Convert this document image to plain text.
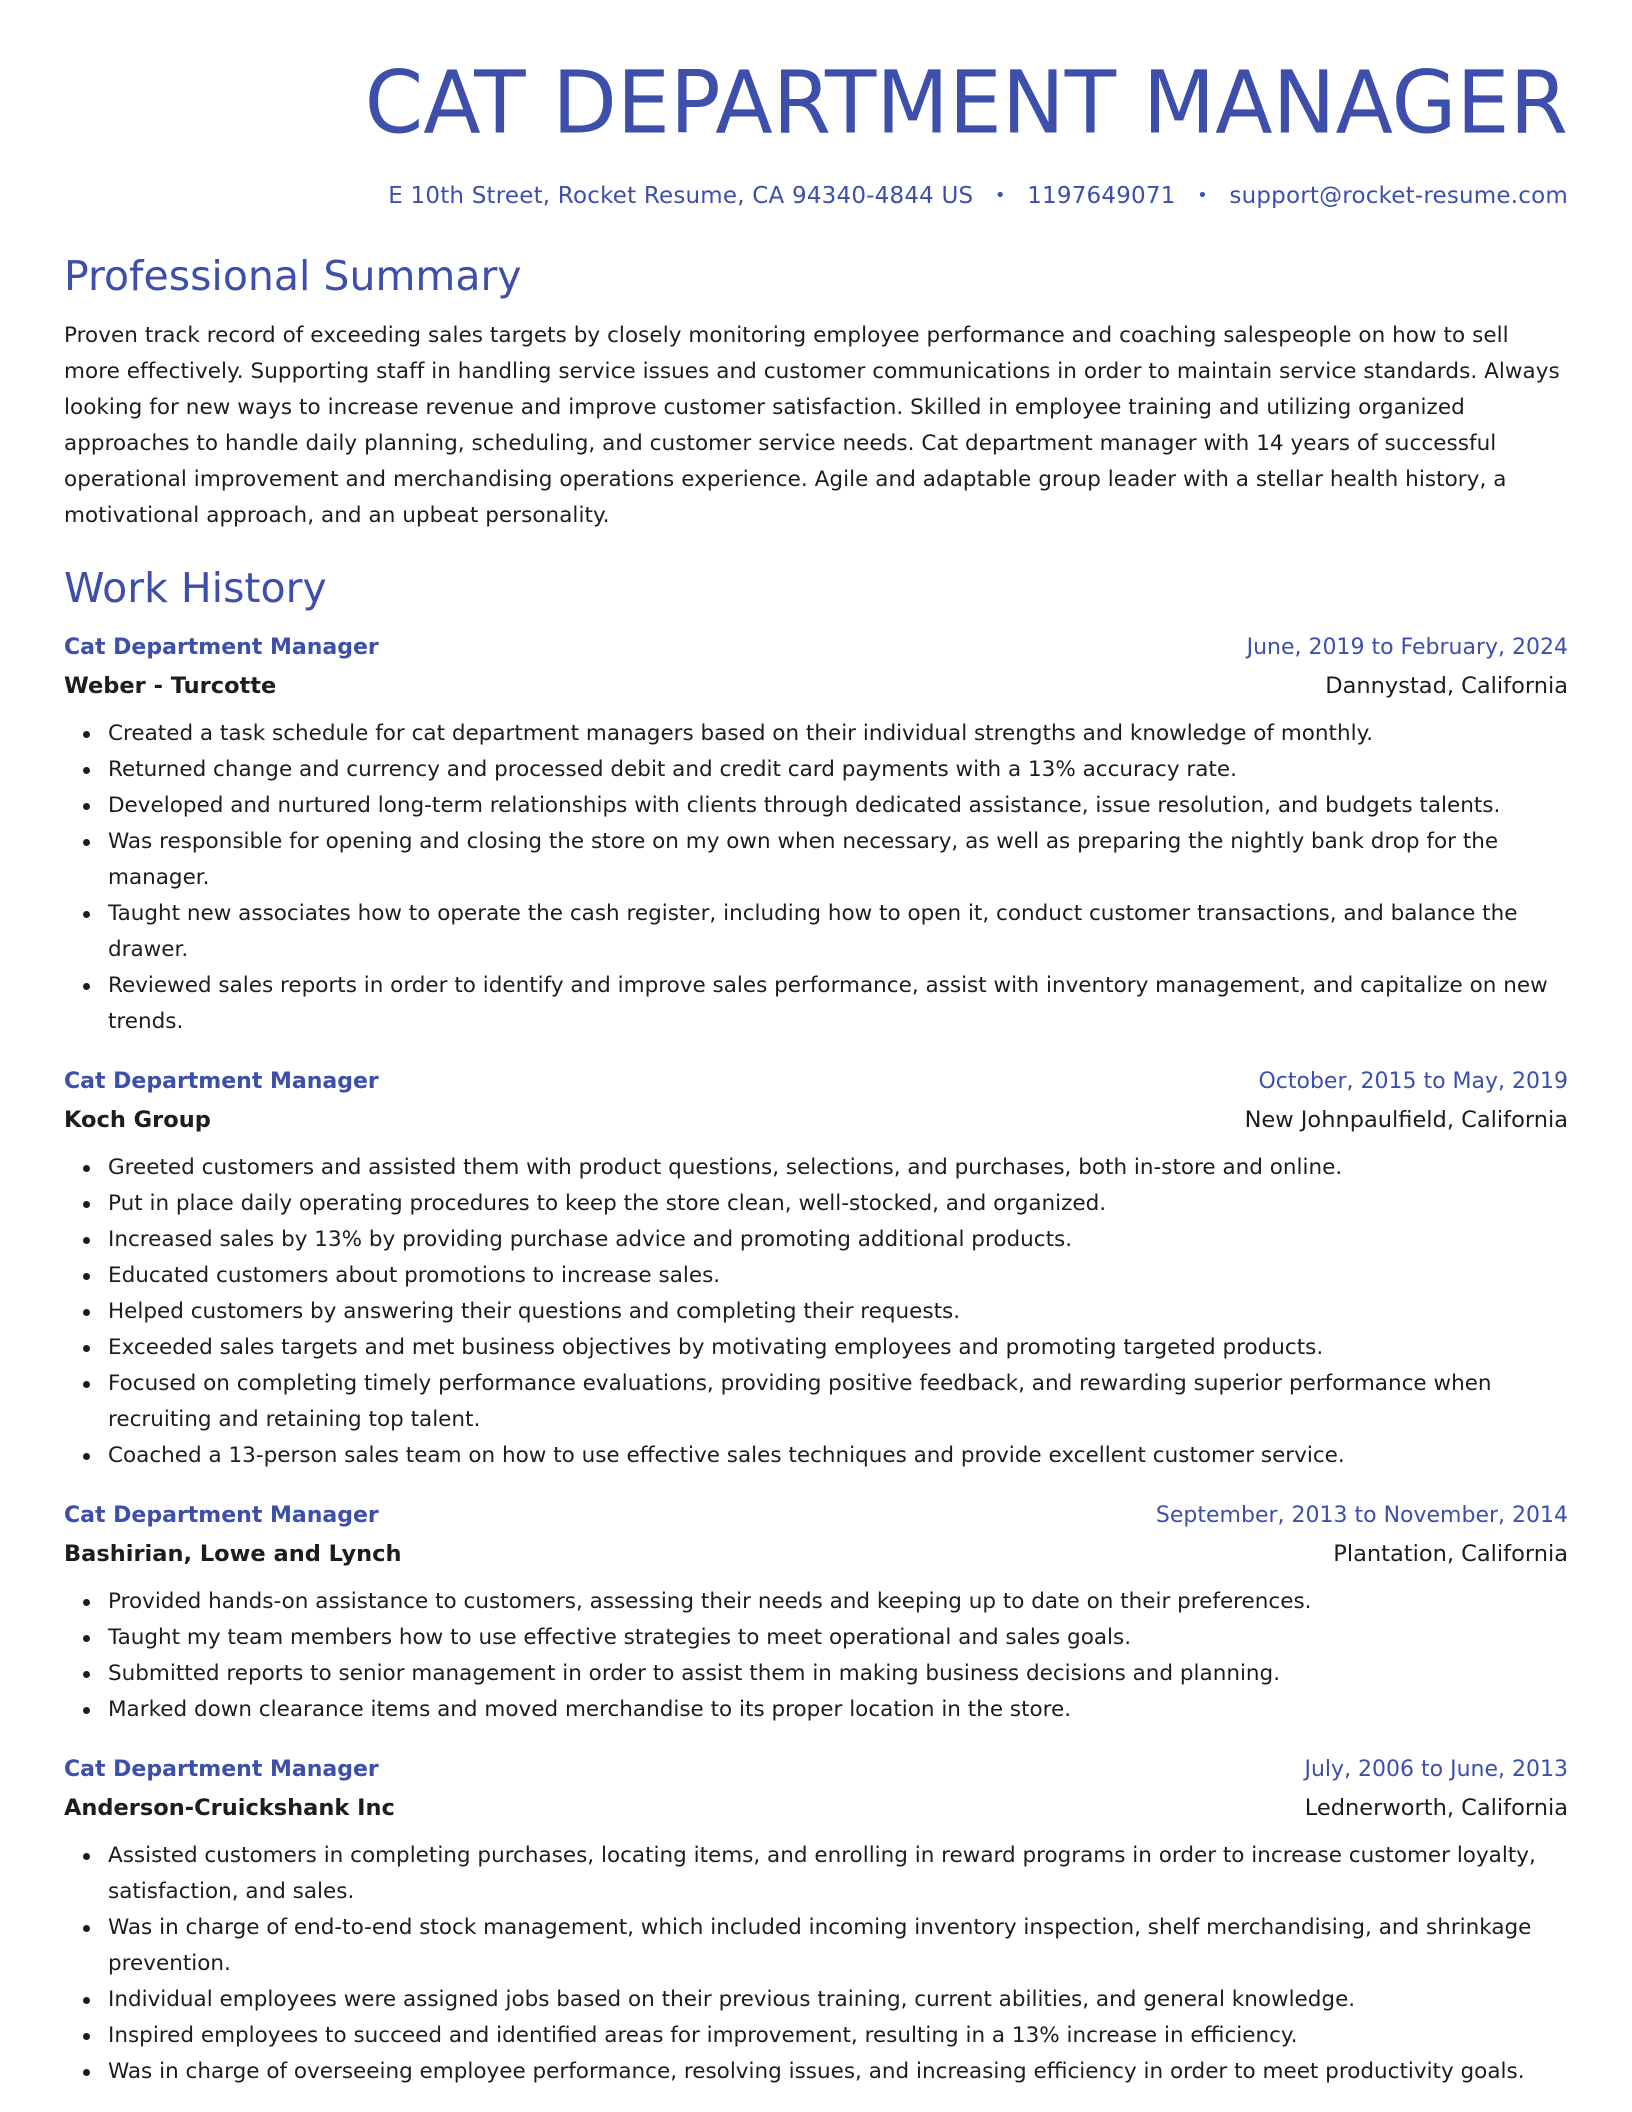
CAT DEPARTMENT MANAGER
E 10th Street, Rocket Resume, CA 94340-4844 US • 1197649071 • support@rocket-resume.com
Professional Summary

Proven track record of exceeding sales targets by closely monitoring employee performance and coaching salespeople on how to sell more effectively. Supporting staff in handling service issues and customer communications in order to maintain service standards. Always looking for new ways to increase revenue and improve customer satisfaction. Skilled in employee training and utilizing organized approaches to handle daily planning, scheduling, and customer service needs. Cat department manager with 14 years of successful operational improvement and merchandising operations experience. Agile and adaptable group leader with a stellar health history, a motivational approach, and an upbeat personality.

Work History
Cat Department Manager	June, 2019 to February, 2024
Weber - Turcotte	Dannystad, California
Created a task schedule for cat department managers based on their individual strengths and knowledge of monthly.
Returned change and currency and processed debit and credit card payments with a 13% accuracy rate.
Developed and nurtured long-term relationships with clients through dedicated assistance, issue resolution, and budgets talents.
Was responsible for opening and closing the store on my own when necessary, as well as preparing the nightly bank drop for the manager.
Taught new associates how to operate the cash register, including how to open it, conduct customer transactions, and balance the drawer.
Reviewed sales reports in order to identify and improve sales performance, assist with inventory management, and capitalize on new trends.
Cat Department Manager	October, 2015 to May, 2019
Koch Group	New Johnpaulfield, California
Greeted customers and assisted them with product questions, selections, and purchases, both in-store and online.
Put in place daily operating procedures to keep the store clean, well-stocked, and organized.
Increased sales by 13% by providing purchase advice and promoting additional products.
Educated customers about promotions to increase sales.
Helped customers by answering their questions and completing their requests.
Exceeded sales targets and met business objectives by motivating employees and promoting targeted products.
Focused on completing timely performance evaluations, providing positive feedback, and rewarding superior performance when recruiting and retaining top talent.
Coached a 13-person sales team on how to use effective sales techniques and provide excellent customer service.
Cat Department Manager	September, 2013 to November, 2014
Bashirian, Lowe and Lynch	Plantation, California
Provided hands-on assistance to customers, assessing their needs and keeping up to date on their preferences.
Taught my team members how to use effective strategies to meet operational and sales goals.
Submitted reports to senior management in order to assist them in making business decisions and planning.
Marked down clearance items and moved merchandise to its proper location in the store.
Cat Department Manager	July, 2006 to June, 2013
Anderson-Cruickshank Inc	Lednerworth, California
Assisted customers in completing purchases, locating items, and enrolling in reward programs in order to increase customer loyalty, satisfaction, and sales.
Was in charge of end-to-end stock management, which included incoming inventory inspection, shelf merchandising, and shrinkage prevention.
Individual employees were assigned jobs based on their previous training, current abilities, and general knowledge.
Inspired employees to succeed and identified areas for improvement, resulting in a 13% increase in efficiency.
Was in charge of overseeing employee performance, resolving issues, and increasing efficiency in order to meet productivity goals.
